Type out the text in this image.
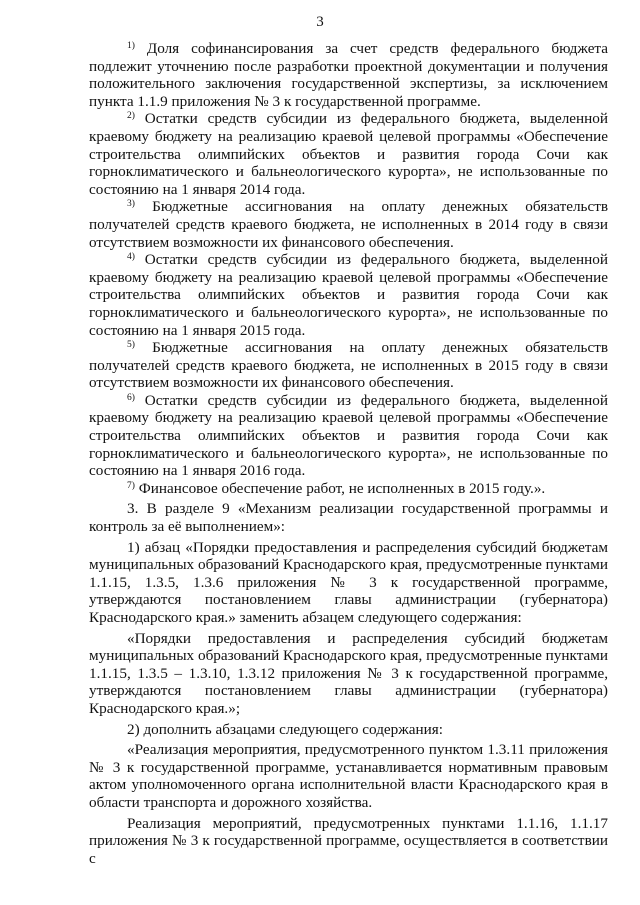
3

$^{1)}$ Доля софинансирования за счет средств федерального бюджета подлежит уточнению после разработки проектной документации и получения положительного заключения государственной экспертизы, за исключением пункта 1.1.9 приложения № 3 к государственной программе.

$^{2)}$ Остатки средств субсидии из федерального бюджета, выделенной краевому бюджету на реализацию краевой целевой программы «Обеспечение строительства олимпийских объектов и развития города Сочи как горноклиматического и бальнеологического курорта», не использованные по состоянию на 1 января 2014 года.

$^{3)}$ Бюджетные ассигнования на оплату денежных обязательств получателей средств краевого бюджета, не исполненных в 2014 году в связи отсутствием возможности их финансового обеспечения.

$^{4)}$ Остатки средств субсидии из федерального бюджета, выделенной краевому бюджету на реализацию краевой целевой программы «Обеспечение строительства олимпийских объектов и развития города Сочи как горноклиматического и бальнеологического курорта», не использованные по состоянию на 1 января 2015 года.

$^{5)}$ Бюджетные ассигнования на оплату денежных обязательств получателей средств краевого бюджета, не исполненных в 2015 году в связи отсутствием возможности их финансового обеспечения.

$^{6)}$ Остатки средств субсидии из федерального бюджета, выделенной краевому бюджету на реализацию краевой целевой программы «Обеспечение строительства олимпийских объектов и развития города Сочи как горноклиматического и бальнеологического курорта», не использованные по состоянию на 1 января 2016 года.

$^{7)}$ Финансовое обеспечение работ, не исполненных в 2015 году.».

3. В разделе 9 «Механизм реализации государственной программы и контроль за её выполнением»:

1) абзац «Порядки предоставления и распределения субсидий бюджетам муниципальных образований Краснодарского края, предусмотренные пунктами 1.1.15, 1.3.5, 1.3.6 приложения № 3 к государственной программе, утверждаются постановлением главы администрации (губернатора) Краснодарского края.» заменить абзацем следующего содержания:

«Порядки предоставления и распределения субсидий бюджетам муниципальных образований Краснодарского края, предусмотренные пунктами 1.1.15, 1.3.5 – 1.3.10, 1.3.12 приложения № 3 к государственной программе, утверждаются постановлением главы администрации (губернатора) Краснодарского края.»;

2) дополнить абзацами следующего содержания:

«Реализация мероприятия, предусмотренного пунктом 1.3.11 приложения № 3 к государственной программе, устанавливается нормативным правовым актом уполномоченного органа исполнительной власти Краснодарского края в области транспорта и дорожного хозяйства.

Реализация мероприятий, предусмотренных пунктами 1.1.16, 1.1.17 приложения № 3 к государственной программе, осуществляется в соответствии с
